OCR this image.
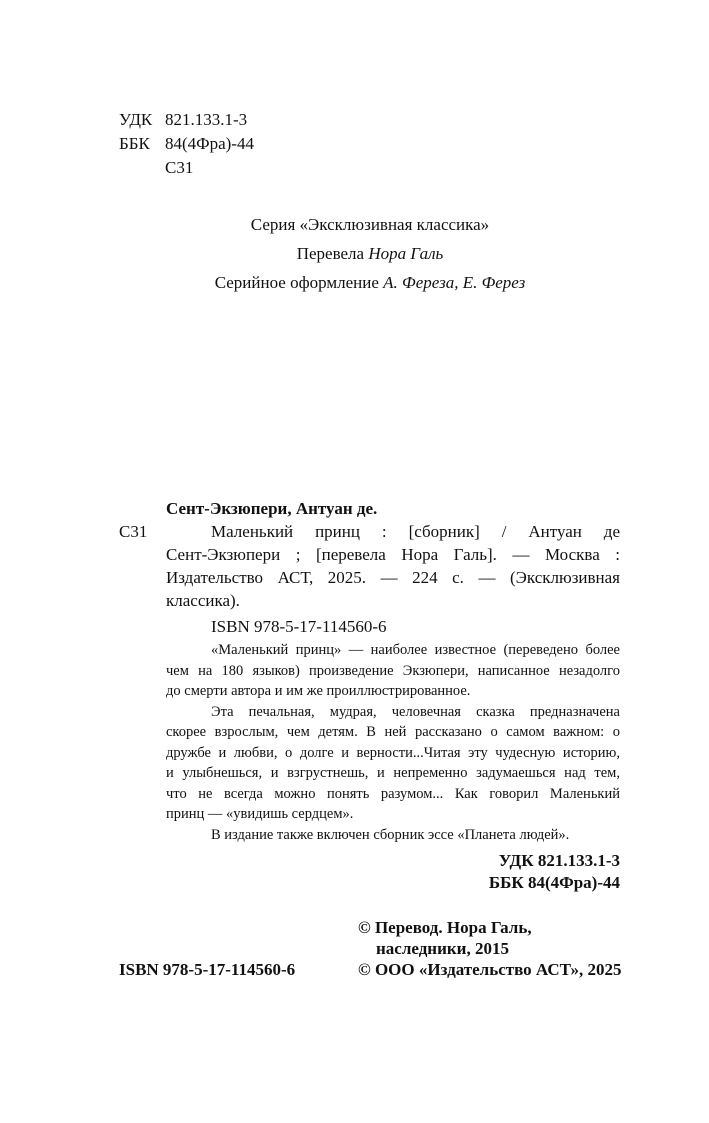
УДК 821.133.1-3
ББК 84(4Фра)-44
С31
Серия «Эксклюзивная классика»
Перевела Нора Галь
Серийное оформление А. Фереза, Е. Ферез
Сент-Экзюпери, Антуан де.
С31	Маленький принц : [сборник] / Антуан де
Сент-Экзюпери ; [перевела Нора Галь]. — Москва :
Издательство АСТ, 2025. — 224 с. — (Эксклюзивная
классика).
ISBN 978-5-17-114560-6
«Маленький принц» — наиболее известное (переведено более
чем на 180 языков) произведение Экзюпери, написанное незадолго
до смерти автора и им же проиллюстрированное.
Эта печальная, мудрая, человечная сказка предназначена
скорее взрослым, чем детям. В ней рассказано о самом важном: о
дружбе и любви, о долге и верности...Читая эту чудесную историю,
и улыбнешься, и взгрустнешь, и непременно задумаешься над тем,
что не всегда можно понять разумом... Как говорил Маленький
принц — «увидишь сердцем».
В издание также включен сборник эссе «Планета людей».
УДК 821.133.1-3
ББК 84(4Фра)-44
© Перевод. Нора Галь,
наследники, 2015
© ООО «Издательство АСТ», 2025
ISBN 978-5-17-114560-6
